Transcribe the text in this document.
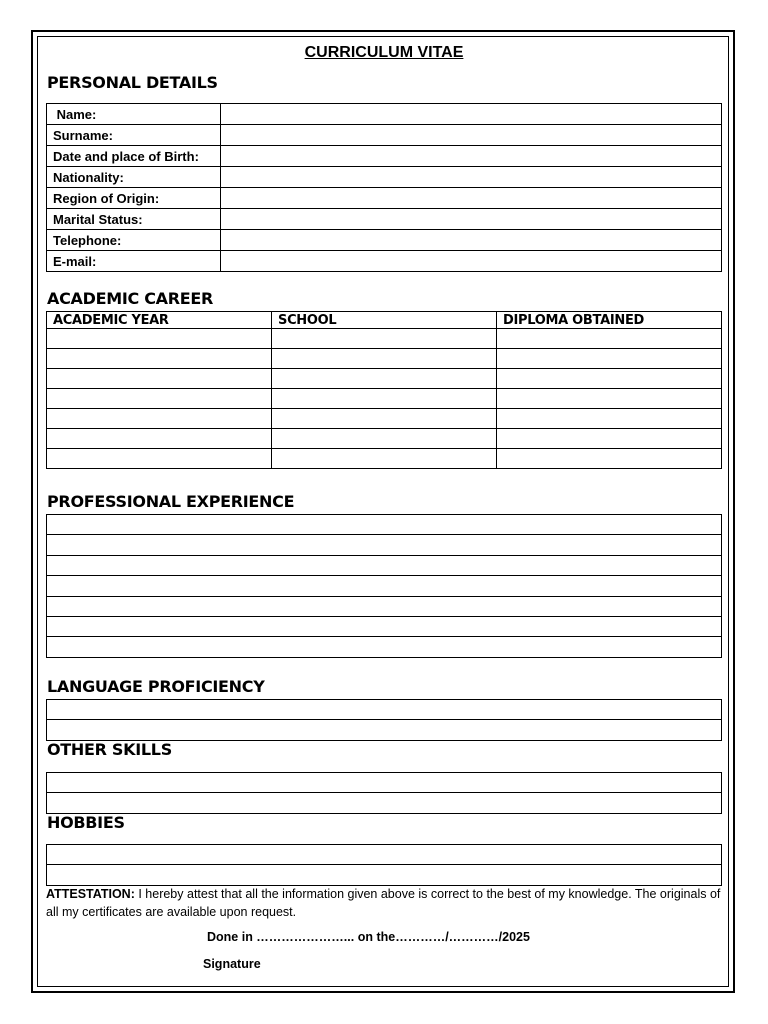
CURRICULUM VITAE
PERSONAL DETAILS
Name:	
Surname:	
Date and place of Birth:	
Nationality:	
Region of Origin:	
Marital Status:	
Telephone:	
E-mail:	
ACADEMIC CAREER
ACADEMIC YEAR	SCHOOL	DIPLOMA OBTAINED

PROFESSIONAL EXPERIENCE

LANGUAGE PROFICIENCY

OTHER SKILLS

HOBBIES

ATTESTATION: I hereby attest that all the information given above is correct to the best of my knowledge. The originals of all my certificates are available upon request.
Done in …………………... on the…………/…………/2025
Signature
